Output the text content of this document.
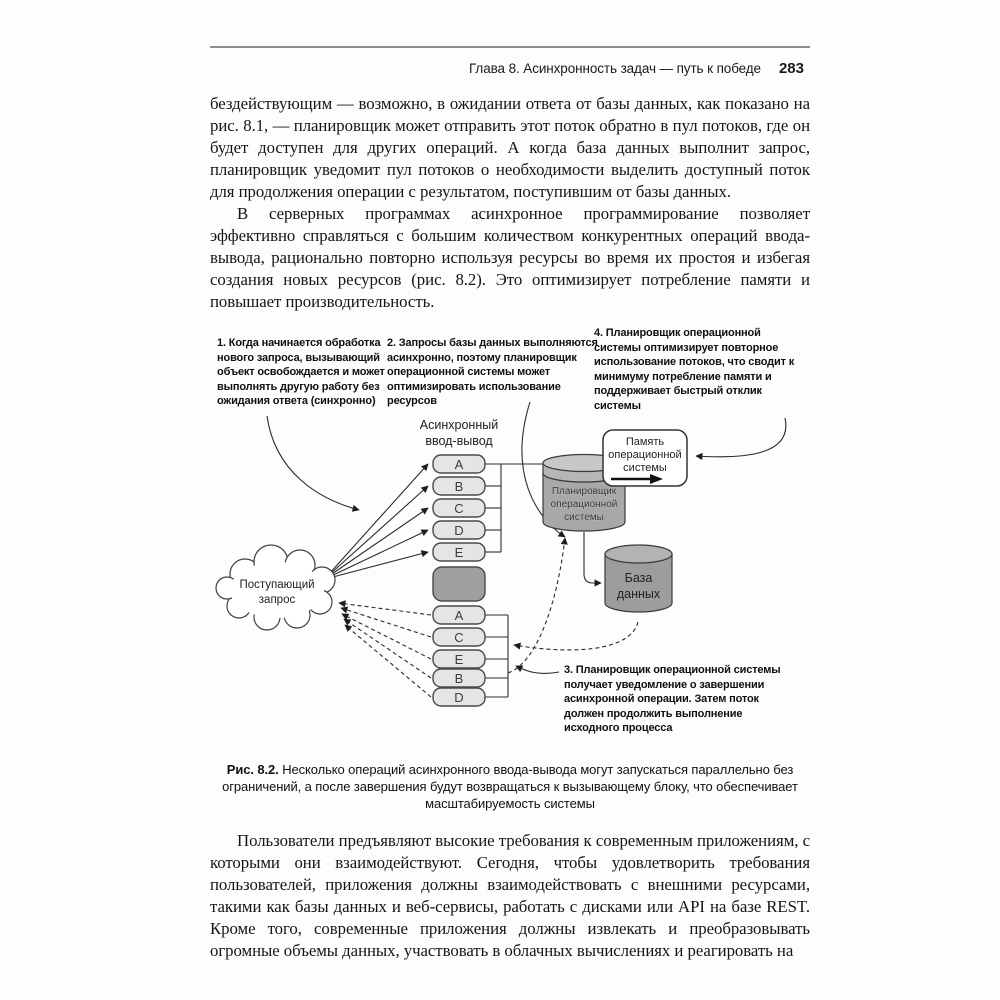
Глава 8. Асинхронность задач — путь к победе 283

бездействующим — возможно, в ожидании ответа от базы данных, как показано на рис. 8.1, — планировщик может отправить этот поток обратно в пул потоков, где он будет доступен для других операций. А когда база данных выполнит запрос, планировщик уведомит пул потоков о необходимости выделить доступный поток для продолжения операции с результатом, поступившим от базы данных.

В серверных программах асинхронное программирование позволяет эффективно справляться с большим количеством конкурентных операций ввода-вывода, рационально повторно используя ресурсы во время их простоя и избегая создания новых ресурсов (рис. 8.2). Это оптимизирует потребление памяти и повышает производительность.

Поступающий
запрос
Асинхронный
ввод-вывод
A
B
C
D
E
A
C
E
B
D
Планировщик
операционной
системы
Память
операционной
системы
База
данных
1. Когда начинается обработка нового запроса, вызывающий объект освобождается и может выполнять другую работу без ожидания ответа (синхронно)
2. Запросы базы данных выполняются асинхронно, поэтому планировщик операционной системы может оптимизировать использование ресурсов
4. Планировщик операционной системы оптимизирует повторное использование потоков, что сводит к минимуму потребление памяти и поддерживает быстрый отклик системы
3. Планировщик операционной системы получает уведомление о завершении асинхронной операции. Затем поток должен продолжить выполнение исходного процесса
Рис. 8.2. Несколько операций асинхронного ввода-вывода могут запускаться параллельно без ограничений, а после завершения будут возвращаться к вызывающему блоку, что обеспечивает масштабируемость системы

Пользователи предъявляют высокие требования к современным приложениям, с которыми они взаимодействуют. Сегодня, чтобы удовлетворить требования пользователей, приложения должны взаимодействовать с внешними ресурсами, такими как базы данных и веб-сервисы, работать с дисками или API на базе REST. Кроме того, современные приложения должны извлекать и преобразовывать огромные объемы данных, участвовать в облачных вычислениях и реагировать на
